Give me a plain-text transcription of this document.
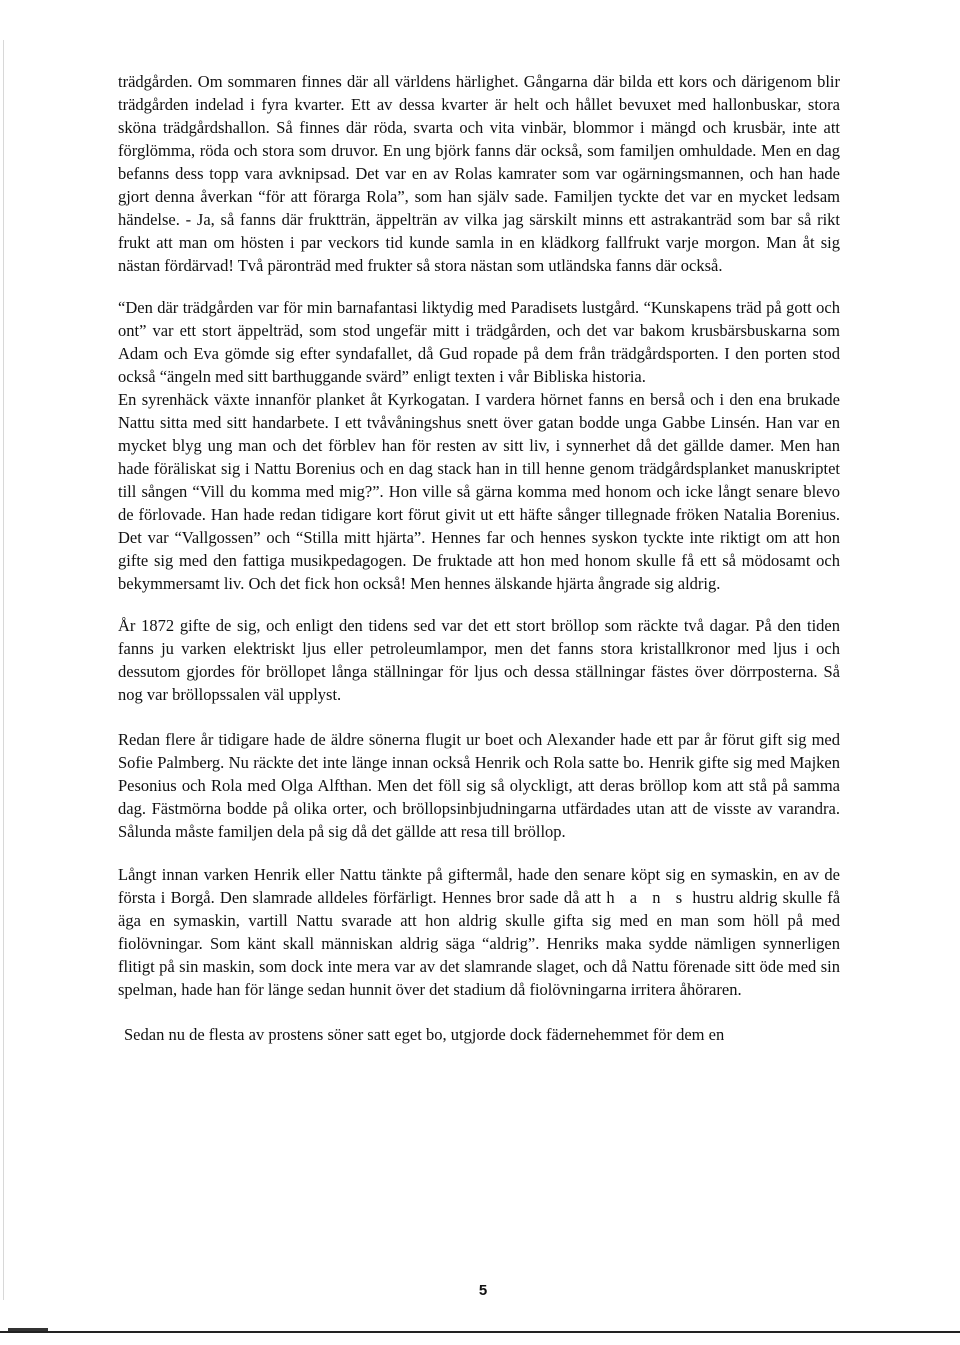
trädgården. Om sommaren finnes där all världens härlighet. Gångarna där bilda ett kors och därigenom blir trädgården indelad i fyra kvarter. Ett av dessa kvarter är helt och hållet bevuxet med hallonbuskar, stora sköna trädgårdshallon. Så finnes där röda, svarta och vita vinbär, blommor i mängd och krusbär, inte att förglömma, röda och stora som druvor. En ung björk fanns där också, som familjen omhuldade. Men en dag befanns dess topp vara avknipsad. Det var en av Rolas kamrater som var ogärningsmannen, och han hade gjort denna åverkan “för att förarga Rola”, som han själv sade. Familjen tyckte det var en mycket ledsam händelse. - Ja, så fanns där fruktträn, äppelträn av vilka jag särskilt minns ett astrakanträd som bar så rikt frukt att man om hösten i par veckors tid kunde samla in en klädkorg fallfrukt varje morgon. Man åt sig nästan fördärvad! Två päronträd med frukter så stora nästan som utländska fanns där också.

“Den där trädgården var för min barnafantasi liktydig med Paradisets lustgård. “Kunskapens träd på gott och ont” var ett stort äppelträd, som stod ungefär mitt i trädgården, och det var bakom krusbärsbuskarna som Adam och Eva gömde sig efter syndafallet, då Gud ropade på dem från trädgårdsporten. I den porten stod också “ängeln med sitt barthuggande svärd” enligt texten i vår Bibliska historia.

En syrenhäck växte innanför planket åt Kyrkogatan. I vardera hörnet fanns en berså och i den ena brukade Nattu sitta med sitt handarbete. I ett tvåvåningshus snett över gatan bodde unga Gabbe Linsén. Han var en mycket blyg ung man och det förblev han för resten av sitt liv, i synnerhet då det gällde damer. Men han hade föräliskat sig i Nattu Borenius och en dag stack han in till henne genom trädgårdsplanket manuskriptet till sången “Vill du komma med mig?”. Hon ville så gärna komma med honom och icke långt senare blevo de förlovade. Han hade redan tidigare kort förut givit ut ett häfte sånger tillegnade fröken Natalia Borenius. Det var “Vallgossen” och “Stilla mitt hjärta”. Hennes far och hennes syskon tyckte inte riktigt om att hon gifte sig med den fattiga musikpedagogen. De fruktade att hon med honom skulle få ett så mödosamt och bekymmersamt liv. Och det fick hon också! Men hennes älskande hjärta ångrade sig aldrig.

År 1872 gifte de sig, och enligt den tidens sed var det ett stort bröllop som räckte två dagar. På den tiden fanns ju varken elektriskt ljus eller petroleumlampor, men det fanns stora kristallkronor med ljus i och dessutom gjordes för bröllopet långa ställningar för ljus och dessa ställningar fästes över dörrposterna. Så nog var bröllopssalen väl upplyst.

Redan flere år tidigare hade de äldre sönerna flugit ur boet och Alexander hade ett par år förut gift sig med Sofie Palmberg. Nu räckte det inte länge innan också Henrik och Rola satte bo. Henrik gifte sig med Majken Pesonius och Rola med Olga Alfthan. Men det föll sig så olyckligt, att deras bröllop kom att stå på samma dag. Fästmörna bodde på olika orter, och bröllopsinbjudningarna utfärdades utan att de visste av varandra. Sålunda måste familjen dela på sig då det gällde att resa till bröllop.

Långt innan varken Henrik eller Nattu tänkte på giftermål, hade den senare köpt sig en symaskin, en av de första i Borgå. Den slamrade alldeles förfärligt. Hennes bror sade då att h a n s hustru aldrig skulle få äga en symaskin, vartill Nattu svarade att hon aldrig skulle gifta sig med en man som höll på med fiolövningar. Som känt skall människan aldrig säga “aldrig”. Henriks maka sydde nämligen synnerligen flitigt på sin maskin, som dock inte mera var av det slamrande slaget, och då Nattu förenade sitt öde med sin spelman, hade han för länge sedan hunnit över det stadium då fiolövningarna irritera åhöraren.

Sedan nu de flesta av prostens söner satt eget bo, utgjorde dock fädernehemmet för dem en

5
